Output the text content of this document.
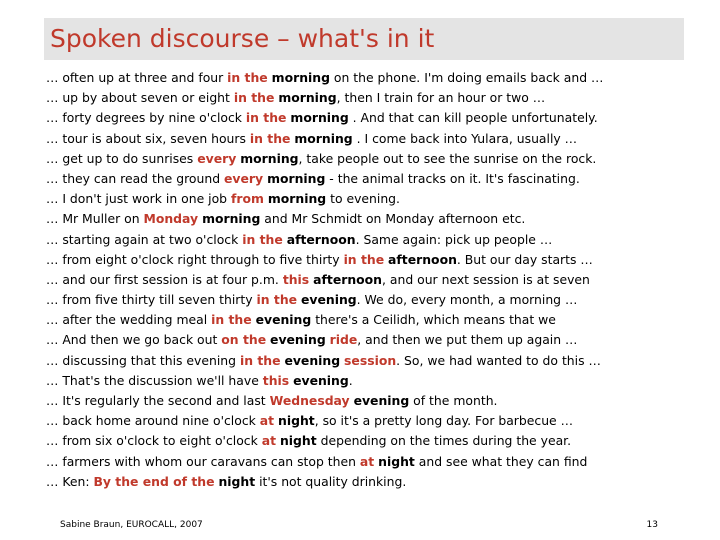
Spoken discourse – what's in it
… often up at three and four in the morning on the phone. I'm doing emails back and …
… up by about seven or eight in the morning, then I train for an hour or two …
… forty degrees by nine o'clock in the morning . And that can kill people unfortunately.
… tour is about six, seven hours in the morning . I come back into Yulara, usually …
… get up to do sunrises every morning, take people out to see the sunrise on the rock.
… they can read the ground every morning - the animal tracks on it. It's fascinating.
… I don't just work in one job from morning to evening.
… Mr Muller on Monday morning and Mr Schmidt on Monday afternoon etc.
… starting again at two o'clock in the afternoon. Same again: pick up people …
… from eight o'clock right through to five thirty in the afternoon. But our day starts …
… and our first session is at four p.m. this afternoon, and our next session is at seven
… from five thirty till seven thirty in the evening. We do, every month, a morning …
… after the wedding meal in the evening there's a Ceilidh, which means that we
… And then we go back out on the evening ride, and then we put them up again …
… discussing that this evening in the evening session. So, we had wanted to do this …
… That's the discussion we'll have this evening.
… It's regularly the second and last Wednesday evening of the month.
… back home around nine o'clock at night, so it's a pretty long day. For barbecue …
… from six o'clock to eight o'clock at night depending on the times during the year.
… farmers with whom our caravans can stop then at night and see what they can find
… Ken: By the end of the night it's not quality drinking.
Sabine Braun, EUROCALL, 2007	13
